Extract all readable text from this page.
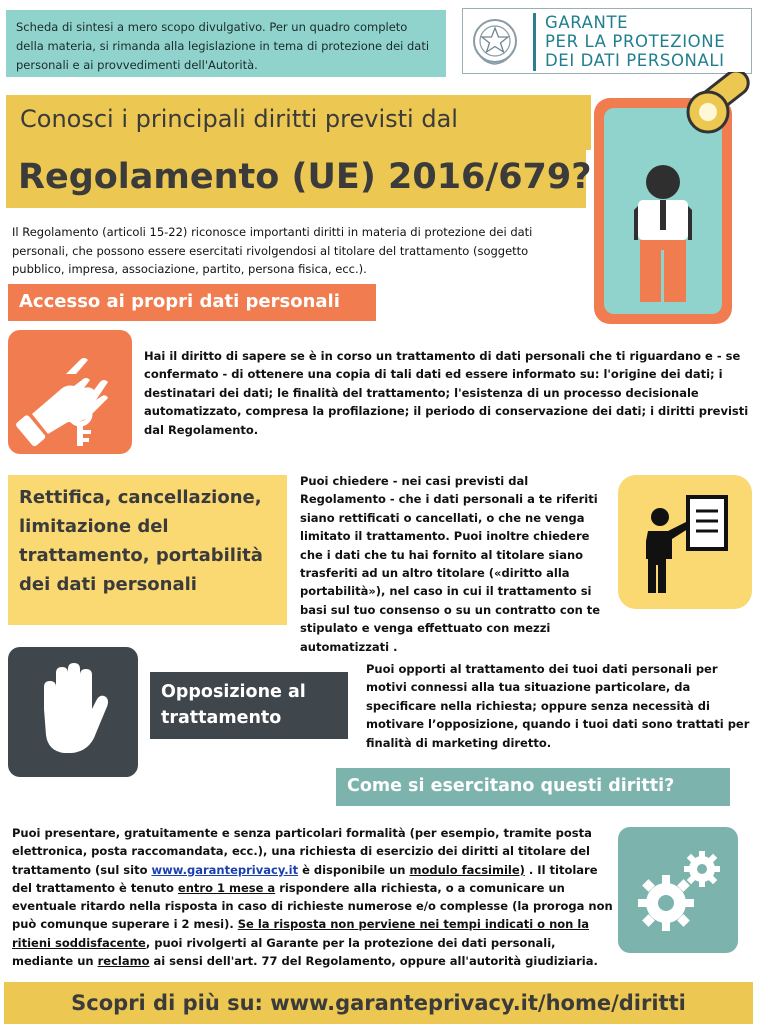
Scheda di sintesi a mero scopo divulgativo. Per un quadro completo della materia, si rimanda alla legislazione in tema di protezione dei dati personali e ai provvedimenti dell'Autorità.
GARANTE
PER LA PROTEZIONE
DEI DATI PERSONALI
Conosci i principali diritti previsti dal
Regolamento (UE) 2016/679?
Il Regolamento (articoli 15-22) riconosce importanti diritti in materia di protezione dei dati personali, che possono essere esercitati rivolgendosi al titolare del trattamento (soggetto pubblico, impresa, associazione, partito, persona fisica, ecc.).
Accesso ai propri dati personali
Hai il diritto di sapere se è in corso un trattamento di dati personali che ti riguardano e - se confermato - di ottenere una copia di tali dati ed essere informato su: l'origine dei dati; i destinatari dei dati; le finalità del trattamento; l'esistenza di un processo decisionale automatizzato, compresa la profilazione; il periodo di conservazione dei dati; i diritti previsti dal Regolamento.
Rettifica, cancellazione, limitazione del trattamento, portabilità dei dati personali
Puoi chiedere - nei casi previsti dal Regolamento - che i dati personali a te riferiti siano rettificati o cancellati, o che ne venga limitato il trattamento. Puoi inoltre chiedere che i dati che tu hai fornito al titolare siano trasferiti ad un altro titolare («diritto alla portabilità»), nel caso in cui il trattamento si basi sul tuo consenso o su un contratto con te stipulato e venga effettuato con mezzi automatizzati .
Opposizione al trattamento
Puoi opporti al trattamento dei tuoi dati personali per motivi connessi alla tua situazione particolare, da specificare nella richiesta; oppure senza necessità di motivare l’opposizione, quando i tuoi dati sono trattati per finalità di marketing diretto.
Come si esercitano questi diritti?
Puoi presentare, gratuitamente e senza particolari formalità (per esempio, tramite posta elettronica, posta raccomandata, ecc.), una richiesta di esercizio dei diritti al titolare del trattamento (sul sito www.garanteprivacy.it è disponibile un modulo facsimile) . Il titolare del trattamento è tenuto entro 1 mese a rispondere alla richiesta, o a comunicare un eventuale ritardo nella risposta in caso di richieste numerose e/o complesse (la proroga non può comunque superare i 2 mesi). Se la risposta non perviene nei tempi indicati o non la ritieni soddisfacente, puoi rivolgerti al Garante per la protezione dei dati personali, mediante un reclamo ai sensi dell'art. 77 del Regolamento, oppure all'autorità giudiziaria.
Scopri di più su: www.garanteprivacy.it/home/diritti
